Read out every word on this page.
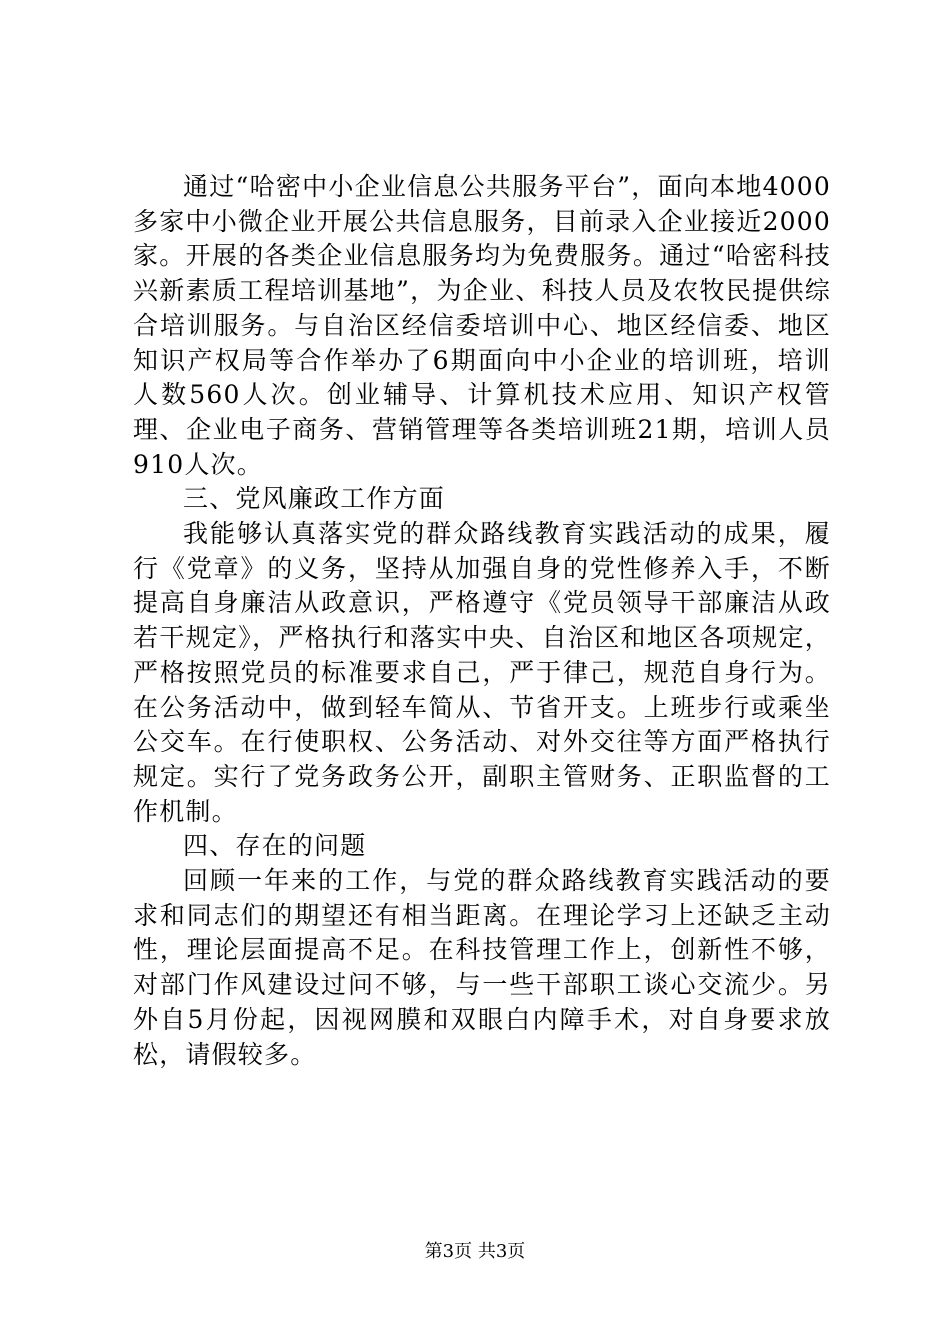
通过“哈密中小企业信息公共服务平台”，面向本地4000多家中小微企业开展公共信息服务，目前录入企业接近2000家。开展的各类企业信息服务均为免费服务。通过“哈密科技兴新素质工程培训基地”，为企业、科技人员及农牧民提供综合培训服务。与自治区经信委培训中心、地区经信委、地区知识产权局等合作举办了6期面向中小企业的培训班，培训人数560人次。创业辅导、计算机技术应用、知识产权管理、企业电子商务、营销管理等各类培训班21期，培训人员910人次。

三、党风廉政工作方面

我能够认真落实党的群众路线教育实践活动的成果，履行《党章》的义务，坚持从加强自身的党性修养入手，不断提高自身廉洁从政意识，严格遵守《党员领导干部廉洁从政若干规定》，严格执行和落实中央、自治区和地区各项规定，严格按照党员的标准要求自己，严于律己，规范自身行为。在公务活动中，做到轻车简从、节省开支。上班步行或乘坐公交车。在行使职权、公务活动、对外交往等方面严格执行规定。实行了党务政务公开，副职主管财务、正职监督的工作机制。

四、存在的问题

回顾一年来的工作，与党的群众路线教育实践活动的要求和同志们的期望还有相当距离。在理论学习上还缺乏主动性，理论层面提高不足。在科技管理工作上，创新性不够，对部门作风建设过问不够，与一些干部职工谈心交流少。另外自5月份起，因视网膜和双眼白内障手术，对自身要求放松，请假较多。

第3页 共3页
